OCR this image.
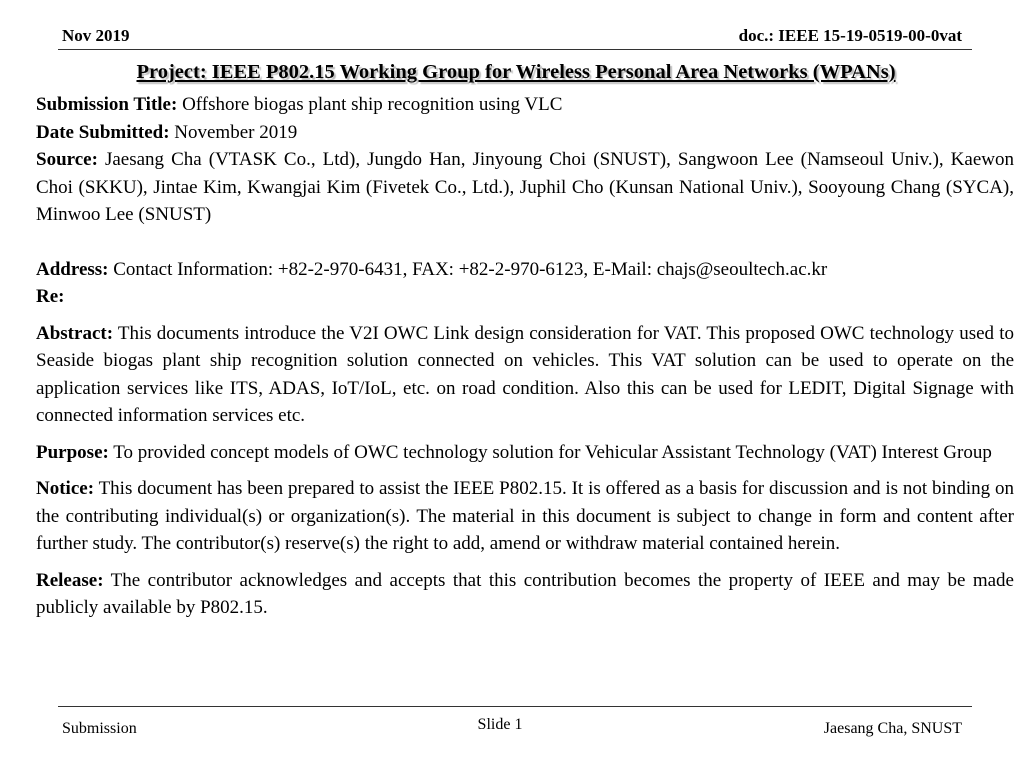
Nov 2019	doc.: IEEE 15-19-0519-00-0vat
Project: IEEE P802.15 Working Group for Wireless Personal Area Networks (WPANs)

Submission Title: Offshore biogas plant ship recognition using VLC

Date Submitted: November 2019

Source: Jaesang Cha (VTASK Co., Ltd), Jungdo Han, Jinyoung Choi (SNUST), Sangwoon Lee (Namseoul Univ.), Kaewon Choi (SKKU), Jintae Kim, Kwangjai Kim (Fivetek Co., Ltd.), Juphil Cho (Kunsan National Univ.), Sooyoung Chang (SYCA), Minwoo Lee (SNUST)

Address: Contact Information: +82-2-970-6431, FAX: +82-2-970-6123, E-Mail: chajs@seoultech.ac.kr

Re:

Abstract: This documents introduce the V2I OWC Link design consideration for VAT. This proposed OWC technology used to Seaside biogas plant ship recognition solution connected on vehicles. This VAT solution can be used to operate on the application services like ITS, ADAS, IoT/IoL, etc. on road condition. Also this can be used for LEDIT, Digital Signage with connected information services etc.

Purpose: To provided concept models of OWC technology solution for Vehicular Assistant Technology (VAT) Interest Group

Notice: This document has been prepared to assist the IEEE P802.15. It is offered as a basis for discussion and is not binding on the contributing individual(s) or organization(s). The material in this document is subject to change in form and content after further study. The contributor(s) reserve(s) the right to add, amend or withdraw material contained herein.

Release: The contributor acknowledges and accepts that this contribution becomes the property of IEEE and may be made publicly available by P802.15.

Submission	Slide 1	Jaesang Cha, SNUST
